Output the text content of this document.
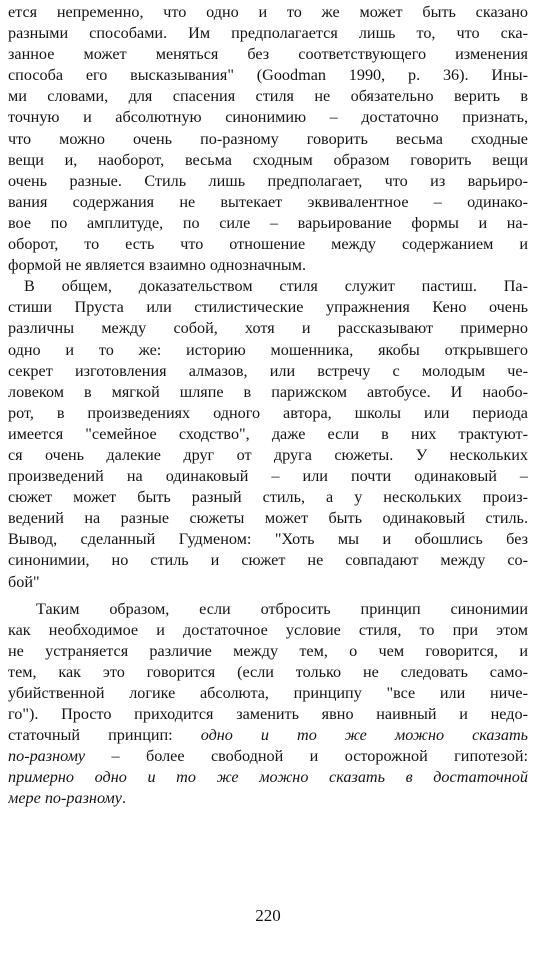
ется непременно, что одно и то же может быть сказано
разными способами. Им предполагается лишь то, что ска-
занное может меняться без соответствующего изменения
способа его высказывания" (Goodman 1990, p. 36). Ины-
ми словами, для спасения стиля не обязательно верить в
точную и абсолютную синонимию – достаточно признать,
что можно очень по-разному говорить весьма сходные
вещи и, наоборот, весьма сходным образом говорить вещи
очень разные. Стиль лишь предполагает, что из варьиро-
вания содержания не вытекает эквивалентное – одинако-
вое по амплитуде, по силе – варьирование формы и на-
оборот, то есть что отношение между содержанием и
формой не является взаимно однозначным.
В общем, доказательством стиля служит пастиш. Па-
стиши Пруста или стилистические упражнения Кено очень
различны между собой, хотя и рассказывают примерно
одно и то же: историю мошенника, якобы открывшего
секрет изготовления алмазов, или встречу с молодым че-
ловеком в мягкой шляпе в парижском автобусе. И наобо-
рот, в произведениях одного автора, школы или периода
имеется "семейное сходство", даже если в них трактуют-
ся очень далекие друг от друга сюжеты. У нескольких
произведений на одинаковый – или почти одинаковый –
сюжет может быть разный стиль, а у нескольких произ-
ведений на разные сюжеты может быть одинаковый стиль.
Вывод, сделанный Гудменом: "Хоть мы и обошлись без
синонимии, но стиль и сюжет не совпадают между со-
бой"
Таким образом, если отбросить принцип синонимии
как необходимое и достаточное условие стиля, то при этом
не устраняется различие между тем, о чем говорится, и
тем, как это говорится (если только не следовать само-
убийственной логике абсолюта, принципу "все или ниче-
го"). Просто приходится заменить явно наивный и недо-
статочный принцип: одно и то же можно сказать
по-разному – более свободной и осторожной гипотезой:
примерно одно и то же можно сказать в достаточной
мере по-разному.
220
